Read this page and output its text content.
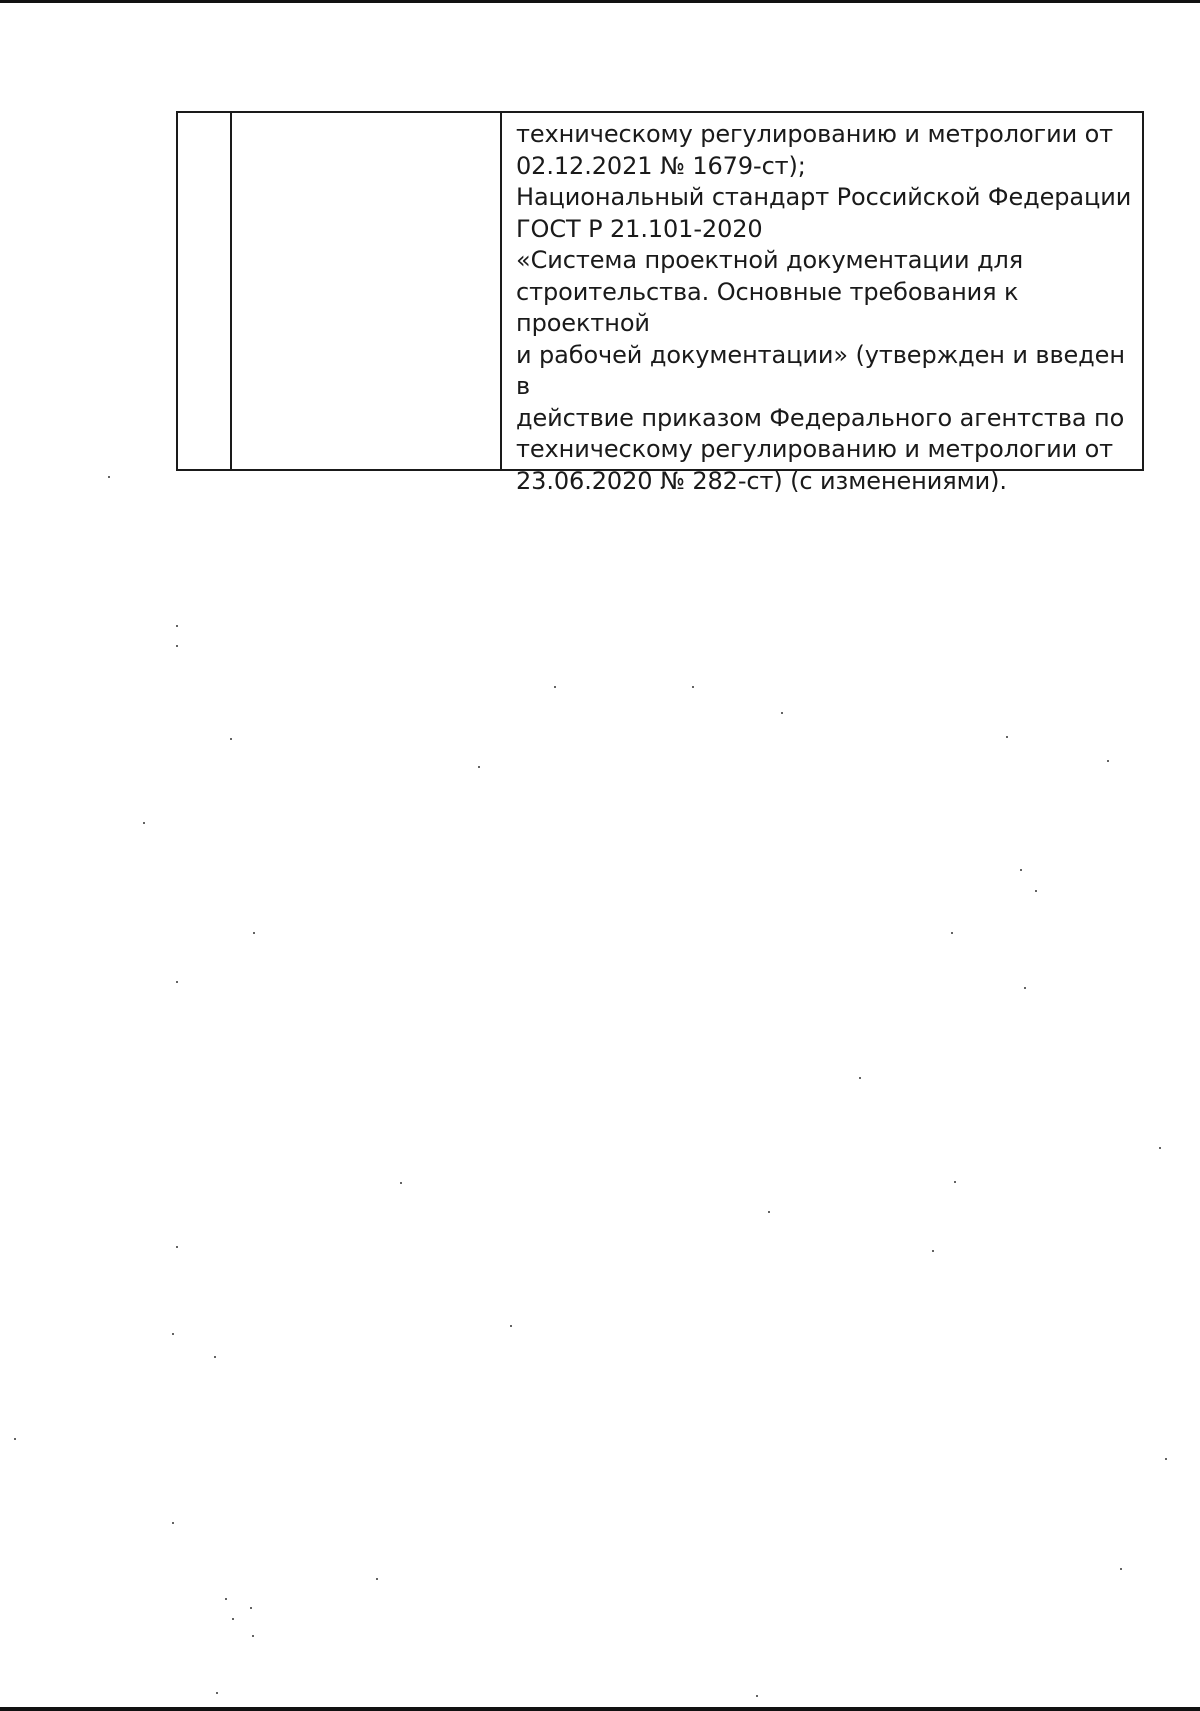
техническому регулированию и метрологии от
02.12.2021 № 1679-ст);

Национальный стандарт Российской Федерации
ГОСТ Р 21.101-2020

«Система проектной документации для
строительства. Основные требования к проектной
и рабочей документации» (утвержден и введен в
действие приказом Федерального агентства по
техническому регулированию и метрологии от
23.06.2020 № 282-ст) (с изменениями).
